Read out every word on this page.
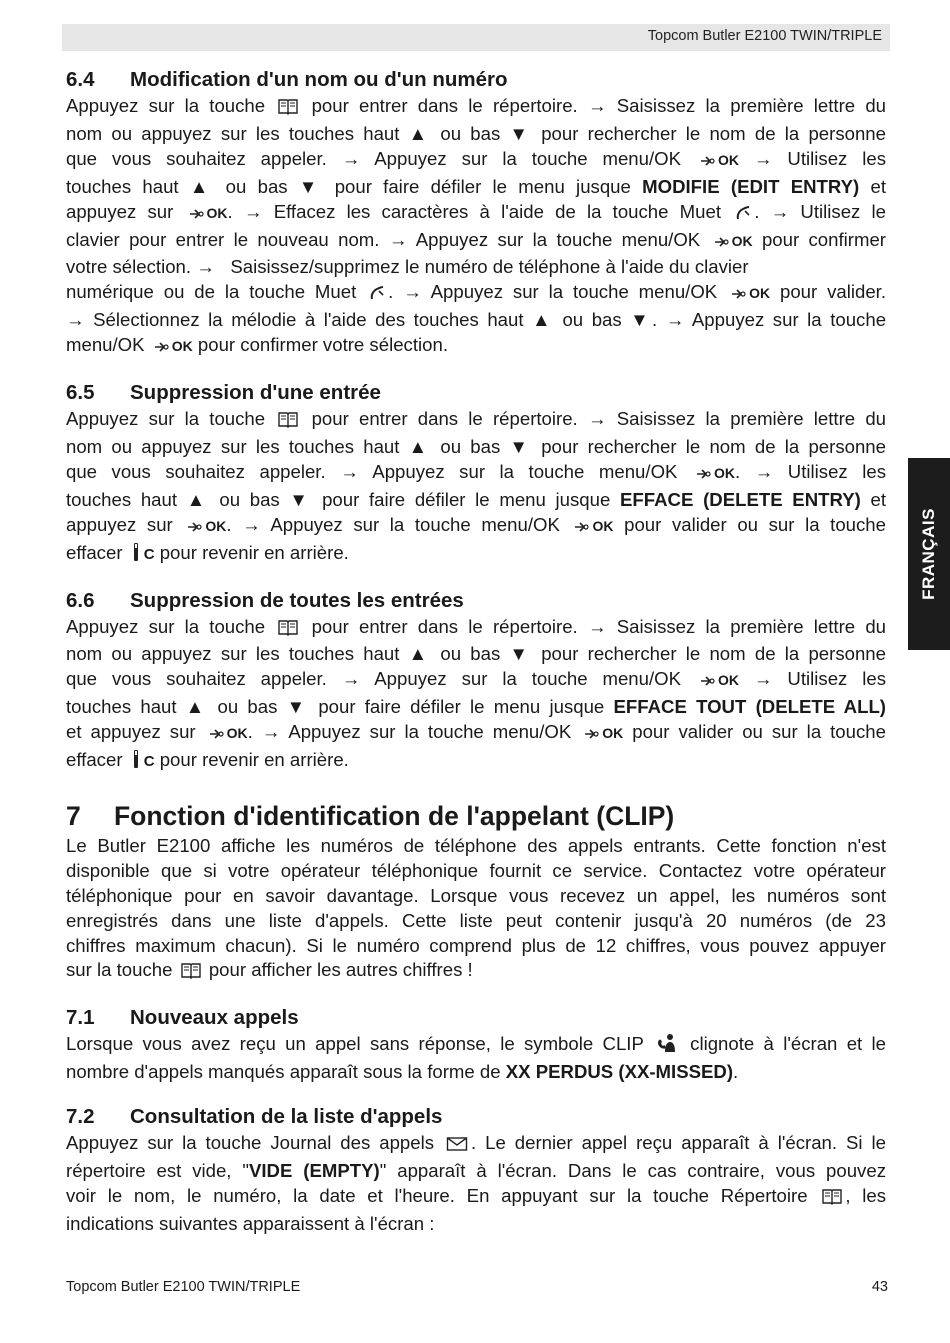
Topcom Butler E2100 TWIN/TRIPLE
FRANÇAIS
6.4 Modification d'un nom ou d'un numéro
Appuyez sur la touche pour entrer dans le répertoire. → Saisissez la première lettre du
nom ou appuyez sur les touches haut ▲ ou bas ▼ pour rechercher le nom de la personne
que vous souhaitez appeler. → Appuyez sur la touche menu/OK	OK → Utilisez les
touches haut ▲ ou bas ▼ pour faire défiler le menu jusque MODIFIE (EDIT ENTRY) et
appuyez sur OK. → Effacez les caractères à l'aide de la touche Muet . → Utilisez le
clavier pour entrer le nouveau nom. → Appuyez sur la touche menu/OK OK pour confirmer
votre sélection. → Saisissez/supprimez le numéro de téléphone à l'aide du clavier
numérique ou de la touche Muet . → Appuyez sur la touche menu/OK OK pour valider.
→ Sélectionnez la mélodie à l'aide des touches haut ▲ ou bas ▼. → Appuyez sur la touche
menu/OK OK pour confirmer votre sélection.
6.5 Suppression d'une entrée
Appuyez sur la touche pour entrer dans le répertoire. → Saisissez la première lettre du
nom ou appuyez sur les touches haut ▲ ou bas ▼ pour rechercher le nom de la personne
que vous souhaitez appeler. → Appuyez sur la touche menu/OK	OK. → Utilisez les
touches haut ▲ ou bas ▼ pour faire défiler le menu jusque EFFACE (DELETE ENTRY) et
appuyez sur OK. → Appuyez sur la touche menu/OK OK pour valider ou sur la touche
effacer C pour revenir en arrière.
6.6 Suppression de toutes les entrées
Appuyez sur la touche pour entrer dans le répertoire. → Saisissez la première lettre du
nom ou appuyez sur les touches haut ▲ ou bas ▼ pour rechercher le nom de la personne
que vous souhaitez appeler. → Appuyez sur la touche menu/OK	OK → Utilisez les
touches haut ▲ ou bas ▼ pour faire défiler le menu jusque EFFACE TOUT (DELETE ALL)
et appuyez sur OK. → Appuyez sur la touche menu/OK OK pour valider ou sur la touche
effacer C pour revenir en arrière.
7 Fonction d'identification de l'appelant (CLIP)
Le Butler E2100 affiche les numéros de téléphone des appels entrants. Cette fonction n'est
disponible que si votre opérateur téléphonique fournit ce service. Contactez votre opérateur
téléphonique pour en savoir davantage. Lorsque vous recevez un appel, les numéros sont
enregistrés dans une liste d'appels. Cette liste peut contenir jusqu'à 20 numéros (de 23
chiffres maximum chacun). Si le numéro comprend plus de 12 chiffres, vous pouvez appuyer
sur la touche pour afficher les autres chiffres !
7.1 Nouveaux appels
Lorsque vous avez reçu un appel sans réponse, le symbole CLIP	clignote à l'écran et le
nombre d'appels manqués apparaît sous la forme de XX PERDUS (XX-MISSED).
7.2 Consultation de la liste d'appels
Appuyez sur la touche Journal des appels . Le dernier appel reçu apparaît à l'écran. Si le
répertoire est vide, "VIDE (EMPTY)" apparaît à l'écran. Dans le cas contraire, vous pouvez
voir le nom, le numéro, la date et l'heure. En appuyant sur la touche Répertoire , les
indications suivantes apparaissent à l'écran :
Topcom Butler E2100 TWIN/TRIPLE	43
